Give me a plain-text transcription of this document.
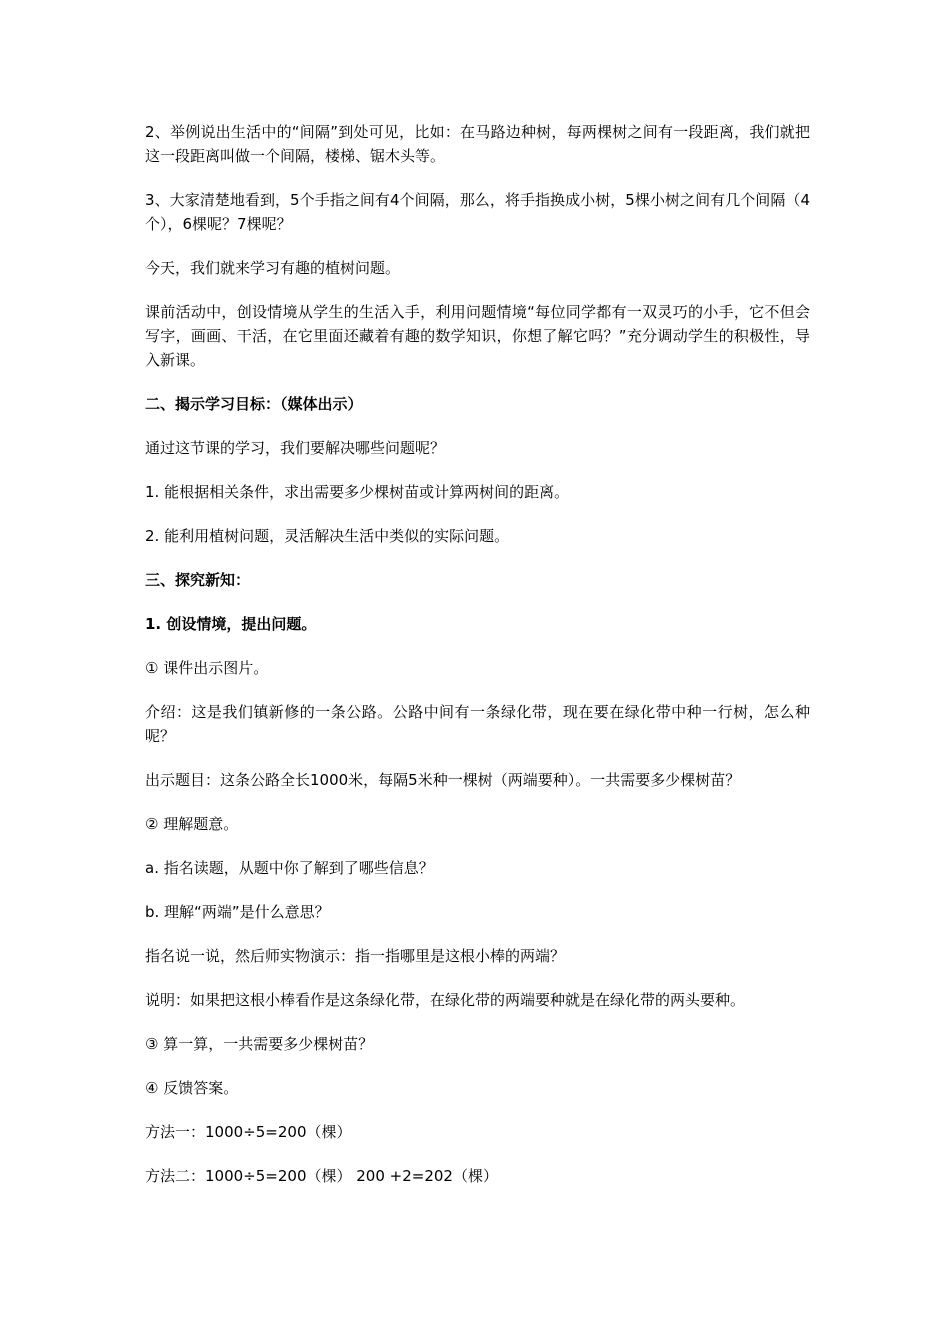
2、举例说出生活中的“间隔”到处可见，比如：在马路边种树，每两棵树之间有一段距离，我们就把这一段距离叫做一个间隔，楼梯、锯木头等。

3、大家清楚地看到，5个手指之间有4个间隔，那么，将手指换成小树，5棵小树之间有几个间隔（4个），6棵呢？7棵呢？

今天，我们就来学习有趣的植树问题。

课前活动中，创设情境从学生的生活入手，利用问题情境“每位同学都有一双灵巧的小手，它不但会写字，画画、干活，在它里面还藏着有趣的数学知识，你想了解它吗？”充分调动学生的积极性，导入新课。

二、揭示学习目标：（媒体出示）

通过这节课的学习，我们要解决哪些问题呢？

1. 能根据相关条件，求出需要多少棵树苗或计算两树间的距离。

2. 能利用植树问题，灵活解决生活中类似的实际问题。

三、探究新知：

1. 创设情境，提出问题。

① 课件出示图片。

介绍：这是我们镇新修的一条公路。公路中间有一条绿化带，现在要在绿化带中种一行树，怎么种呢？

出示题目：这条公路全长1000米，每隔5米种一棵树（两端要种）。一共需要多少棵树苗？

② 理解题意。

a. 指名读题，从题中你了解到了哪些信息？

b. 理解“两端”是什么意思？

指名说一说，然后师实物演示：指一指哪里是这根小棒的两端？

说明：如果把这根小棒看作是这条绿化带，在绿化带的两端要种就是在绿化带的两头要种。

③ 算一算，一共需要多少棵树苗？

④ 反馈答案。

方法一：1000÷5=200（棵）

方法二：1000÷5=200（棵） 200 +2=202（棵）
